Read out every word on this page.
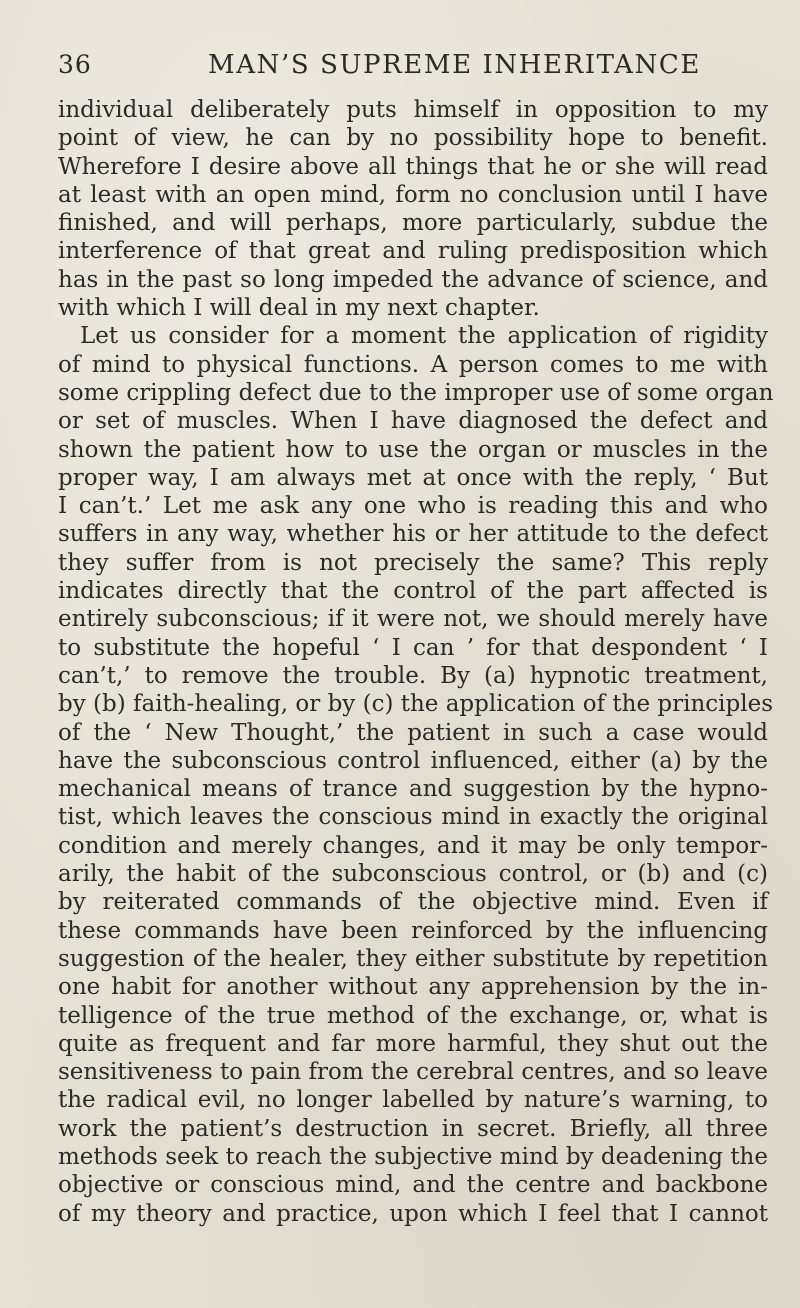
36	MAN’S SUPREME INHERITANCE
individual deliberately puts himself in opposition to my
point of view, he can by no possibility hope to benefit.
Wherefore I desire above all things that he or she will read
at least with an open mind, form no conclusion until I have
finished, and will perhaps, more particularly, subdue the
interference of that great and ruling predisposition which
has in the past so long impeded the advance of science, and
with which I will deal in my next chapter.
Let us consider for a moment the application of rigidity
of mind to physical functions. A person comes to me with
some crippling defect due to the improper use of some organ
or set of muscles. When I have diagnosed the defect and
shown the patient how to use the organ or muscles in the
proper way, I am always met at once with the reply, ‘ But
I can’t.’ Let me ask any one who is reading this and who
suffers in any way, whether his or her attitude to the defect
they suffer from is not precisely the same? This reply
indicates directly that the control of the part affected is
entirely subconscious; if it were not, we should merely have
to substitute the hopeful ‘ I can ’ for that despondent ‘ I
can’t,’ to remove the trouble. By (a) hypnotic treatment,
by (b) faith-healing, or by (c) the application of the principles
of the ‘ New Thought,’ the patient in such a case would
have the subconscious control influenced, either (a) by the
mechanical means of trance and suggestion by the hypno-
tist, which leaves the conscious mind in exactly the original
condition and merely changes, and it may be only tempor-
arily, the habit of the subconscious control, or (b) and (c)
by reiterated commands of the objective mind. Even if
these commands have been reinforced by the influencing
suggestion of the healer, they either substitute by repetition
one habit for another without any apprehension by the in-
telligence of the true method of the exchange, or, what is
quite as frequent and far more harmful, they shut out the
sensitiveness to pain from the cerebral centres, and so leave
the radical evil, no longer labelled by nature’s warning, to
work the patient’s destruction in secret. Briefly, all three
methods seek to reach the subjective mind by deadening the
objective or conscious mind, and the centre and backbone
of my theory and practice, upon which I feel that I cannot
